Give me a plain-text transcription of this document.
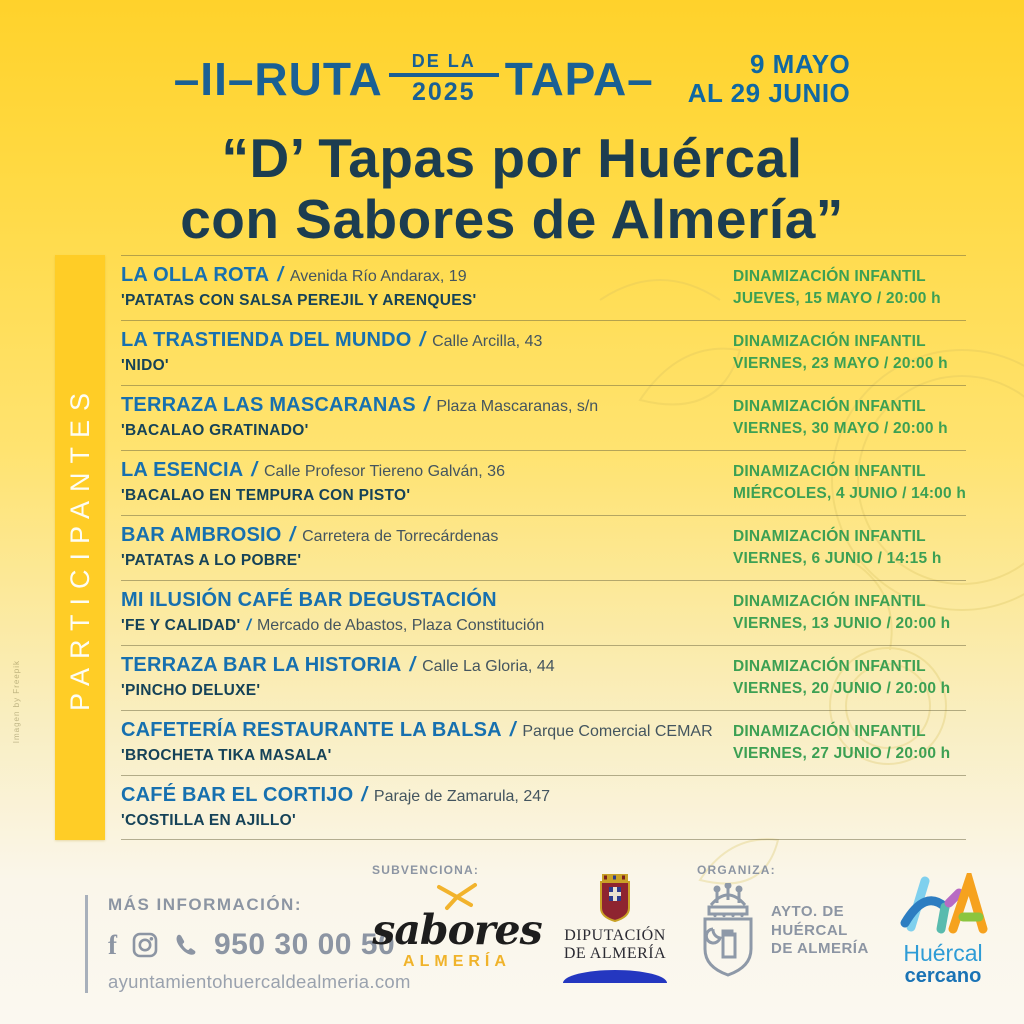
–II–RUTA DE LA
2025 TAPA–	9 MAYO
AL 29 JUNIO
“D’ Tapas por Huércal
con Sabores de Almería”
PARTICIPANTES
LA OLLA ROTA / Avenida Río Andarax, 19
'PATATAS CON SALSA PEREJIL Y ARENQUES'
DINAMIZACIÓN INFANTIL
JUEVES, 15 MAYO / 20:00 h
LA TRASTIENDA DEL MUNDO / Calle Arcilla, 43
'NIDO'
DINAMIZACIÓN INFANTIL
VIERNES, 23 MAYO / 20:00 h
TERRAZA LAS MASCARANAS / Plaza Mascaranas, s/n
'BACALAO GRATINADO'
DINAMIZACIÓN INFANTIL
VIERNES, 30 MAYO / 20:00 h
LA ESENCIA / Calle Profesor Tiereno Galván, 36
'BACALAO EN TEMPURA CON PISTO'
DINAMIZACIÓN INFANTIL
MIÉRCOLES, 4 JUNIO / 14:00 h
BAR AMBROSIO / Carretera de Torrecárdenas
'PATATAS A LO POBRE'
DINAMIZACIÓN INFANTIL
VIERNES, 6 JUNIO / 14:15 h
MI ILUSIÓN CAFÉ BAR DEGUSTACIÓN
'FE Y CALIDAD' / Mercado de Abastos, Plaza Constitución
DINAMIZACIÓN INFANTIL
VIERNES, 13 JUNIO / 20:00 h
TERRAZA BAR LA HISTORIA / Calle La Gloria, 44
'PINCHO DELUXE'
DINAMIZACIÓN INFANTIL
VIERNES, 20 JUNIO / 20:00 h
CAFETERÍA RESTAURANTE LA BALSA / Parque Comercial CEMAR
'BROCHETA TIKA MASALA'
DINAMIZACIÓN INFANTIL
VIERNES, 27 JUNIO / 20:00 h
CAFÉ BAR EL CORTIJO / Paraje de Zamarula, 247
'COSTILLA EN AJILLO'
MÁS INFORMACIÓN:
f	950 30 00 50
ayuntamientohuercaldealmeria.com
SUBVENCIONA:
sabores
ALMERÍA
DIPUTACIÓN
DE ALMERÍA
ORGANIZA:
AYTO. DE
HUÉRCAL
DE ALMERÍA	Huércal
cercano
Imagen by Freepik
